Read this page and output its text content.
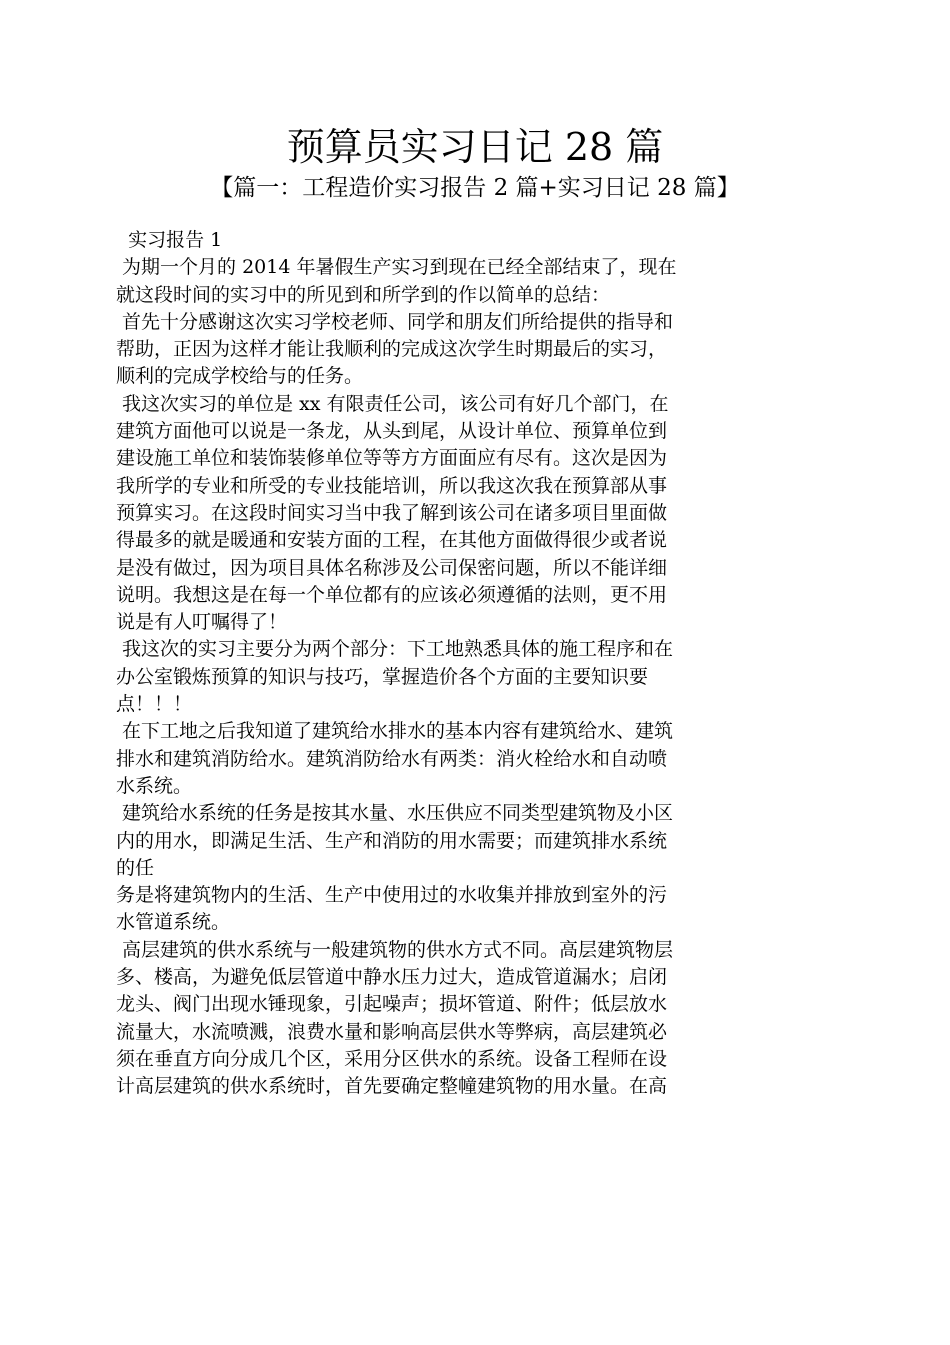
预算员实习日记 28 篇
【篇一：工程造价实习报告 2 篇+实习日记 28 篇】

实习报告 1

为期一个月的 2014 年暑假生产实习到现在已经全部结束了，现在
就这段时间的实习中的所见到和所学到的作以简单的总结：

首先十分感谢这次实习学校老师、同学和朋友们所给提供的指导和
帮助，正因为这样才能让我顺利的完成这次学生时期最后的实习，
顺利的完成学校给与的任务。

我这次实习的单位是 xx 有限责任公司，该公司有好几个部门，在
建筑方面他可以说是一条龙，从头到尾，从设计单位、预算单位到
建设施工单位和装饰装修单位等等方方面面应有尽有。这次是因为
我所学的专业和所受的专业技能培训，所以我这次我在预算部从事
预算实习。在这段时间实习当中我了解到该公司在诸多项目里面做
得最多的就是暖通和安装方面的工程，在其他方面做得很少或者说
是没有做过，因为项目具体名称涉及公司保密问题，所以不能详细
说明。我想这是在每一个单位都有的应该必须遵循的法则，更不用
说是有人叮嘱得了！

我这次的实习主要分为两个部分：下工地熟悉具体的施工程序和在
办公室锻炼预算的知识与技巧，掌握造价各个方面的主要知识要
点！！！

在下工地之后我知道了建筑给水排水的基本内容有建筑给水、建筑
排水和建筑消防给水。建筑消防给水有两类：消火栓给水和自动喷
水系统。

建筑给水系统的任务是按其水量、水压供应不同类型建筑物及小区
内的用水，即满足生活、生产和消防的用水需要；而建筑排水系统
的任

务是将建筑物内的生活、生产中使用过的水收集并排放到室外的污
水管道系统。

高层建筑的供水系统与一般建筑物的供水方式不同。高层建筑物层
多、楼高，为避免低层管道中静水压力过大，造成管道漏水；启闭
龙头、阀门出现水锤现象，引起噪声；损坏管道、附件；低层放水
流量大，水流喷溅，浪费水量和影响高层供水等弊病，高层建筑必
须在垂直方向分成几个区，采用分区供水的系统。设备工程师在设
计高层建筑的供水系统时，首先要确定整幢建筑物的用水量。在高
